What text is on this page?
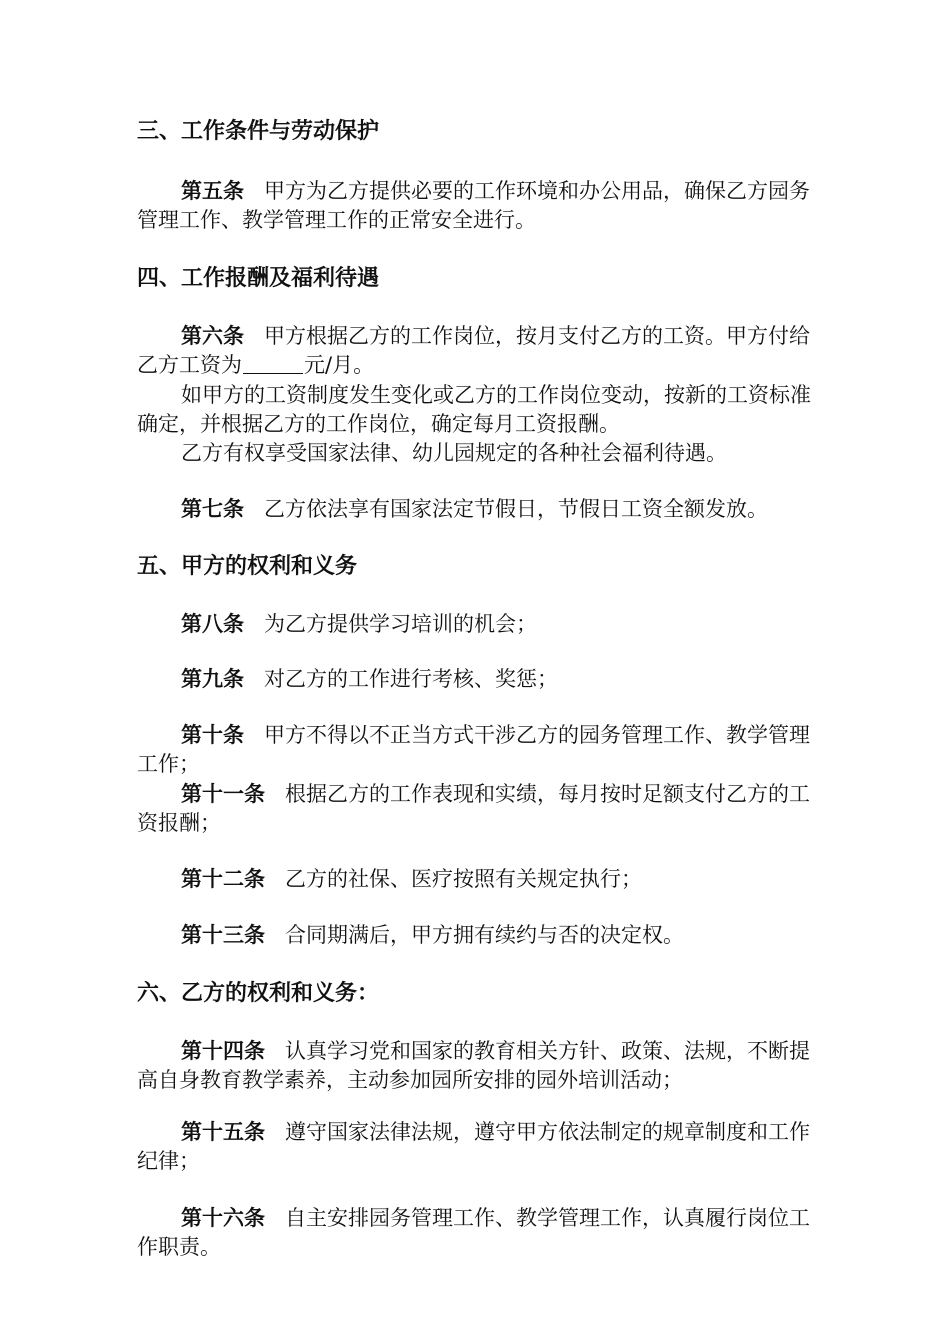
三、工作条件与劳动保护
第五条 甲方为乙方提供必要的工作环境和办公用品，确保乙方园务
管理工作、教学管理工作的正常安全进行。
四、工作报酬及福利待遇
第六条 甲方根据乙方的工作岗位，按月支付乙方的工资。甲方付给
乙方工资为	元/月。
如甲方的工资制度发生变化或乙方的工作岗位变动，按新的工资标准
确定，并根据乙方的工作岗位，确定每月工资报酬。
乙方有权享受国家法律、幼儿园规定的各种社会福利待遇。
第七条 乙方依法享有国家法定节假日，节假日工资全额发放。
五、甲方的权利和义务
第八条 为乙方提供学习培训的机会；
第九条 对乙方的工作进行考核、奖惩；
第十条 甲方不得以不正当方式干涉乙方的园务管理工作、教学管理
工作；
第十一条 根据乙方的工作表现和实绩，每月按时足额支付乙方的工
资报酬；
第十二条 乙方的社保、医疗按照有关规定执行；
第十三条 合同期满后，甲方拥有续约与否的决定权。
六、乙方的权利和义务：
第十四条 认真学习党和国家的教育相关方针、政策、法规，不断提
高自身教育教学素养，主动参加园所安排的园外培训活动；
第十五条 遵守国家法律法规，遵守甲方依法制定的规章制度和工作
纪律；
第十六条 自主安排园务管理工作、教学管理工作，认真履行岗位工
作职责。
